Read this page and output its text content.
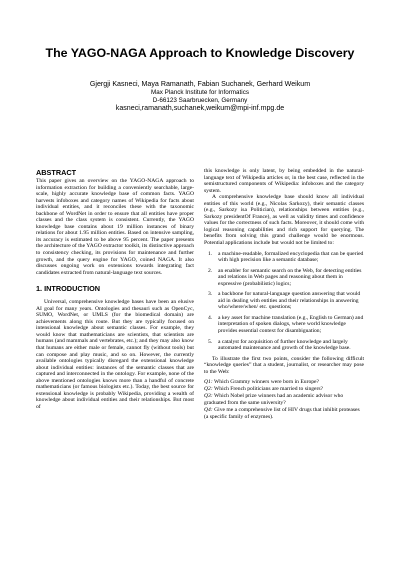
The YAGO-NAGA Approach to Knowledge Discovery
Gjergji Kasneci, Maya Ramanath, Fabian Suchanek, Gerhard Weikum
Max Planck Institute for Informatics
D-66123 Saarbruecken, Germany
kasneci,ramanath,suchanek,weikum@mpi-inf.mpg.de
ABSTRACT

This paper gives an overview on the YAGO-NAGA approach to information extraction for building a conveniently searchable, large-scale, highly accurate knowledge base of common facts. YAGO harvests infoboxes and category names of Wikipedia for facts about individual entities, and it reconciles these with the taxonomic backbone of WordNet in order to ensure that all entities have proper classes and the class system is consistent. Currently, the YAGO knowledge base contains about 19 million instances of binary relations for about 1.95 million entities. Based on intensive sampling, its accuracy is estimated to be above 95 percent. The paper presents the architecture of the YAGO extractor toolkit, its distinctive approach to consistency checking, its provisions for maintenance and further growth, and the query engine for YAGO, coined NAGA. It also discusses ongoing work on extensions towards integrating fact candidates extracted from natural-language text sources.

1. INTRODUCTION

Universal, comprehensive knowledge bases have been an elusive AI goal for many years. Ontologies and thesauri such as OpenCyc, SUMO, WordNet, or UMLS (for the biomedical domain) are achievements along this route. But they are typically focused on intensional knowledge about semantic classes. For example, they would know that mathematicians are scientists, that scientists are humans (and mammals and vertebrates, etc.); and they may also know that humans are either male or female, cannot fly (without tools) but can compose and play music, and so on. However, the currently available ontologies typically disregard the extensional knowledge about individual entities: instances of the semantic classes that are captured and interconnected in the ontology. For example, none of the above mentioned ontologies knows more than a handful of concrete mathematicians (or famous biologists etc.). Today, the best source for extensional knowledge is probably Wikipedia, providing a wealth of knowledge about individual entities and their relationships. But most of

this knowledge is only latent, by being embedded in the natural-language text of Wikipedia articles or, in the best case, reflected in the semistructured components of Wikipedia: infoboxes and the category system.

A comprehensive knowledge base should know all individual entities of this world (e.g., Nicolas Sarkozy), their semantic classes (e.g., Sarkozy isa Politician), relationships between entities (e.g., Sarkozy presidentOf France), as well as validity times and confidence values for the correctness of such facts. Moreover, it should come with logical reasoning capabilities and rich support for querying. The benefits from solving this grand challenge would be enormous. Potential applications include but would not be limited to:

1.	a machine-readable, formalized encyclopedia that can be queried with high precision like a semantic database;
2.	an enabler for semantic search on the Web, for detecting entities and relations in Web pages and reasoning about them in expressive (probabilistic) logics;
3.	a backbone for natural-language question answering that would aid in dealing with entities and their relationships in answering who/where/when/ etc. questions;
4.	a key asset for machine translation (e.g., English to German) and interpretation of spoken dialogs, where world knowledge provides essential context for disambiguation;
5.	a catalyst for acquisition of further knowledge and largely automated maintenance and growth of the knowledge base.

To illustrate the first two points, consider the following difficult “knowledge queries” that a student, journalist, or researcher may pose to the Web:

Q1: Which Grammy winners were born in Europe?

Q2: Which French politicians are married to singers?

Q3: Which Nobel prize winners had an academic advisor who graduated from the same university?

Q4: Give me a comprehensive list of HIV drugs that inhibit proteases (a specific family of enzymes).
